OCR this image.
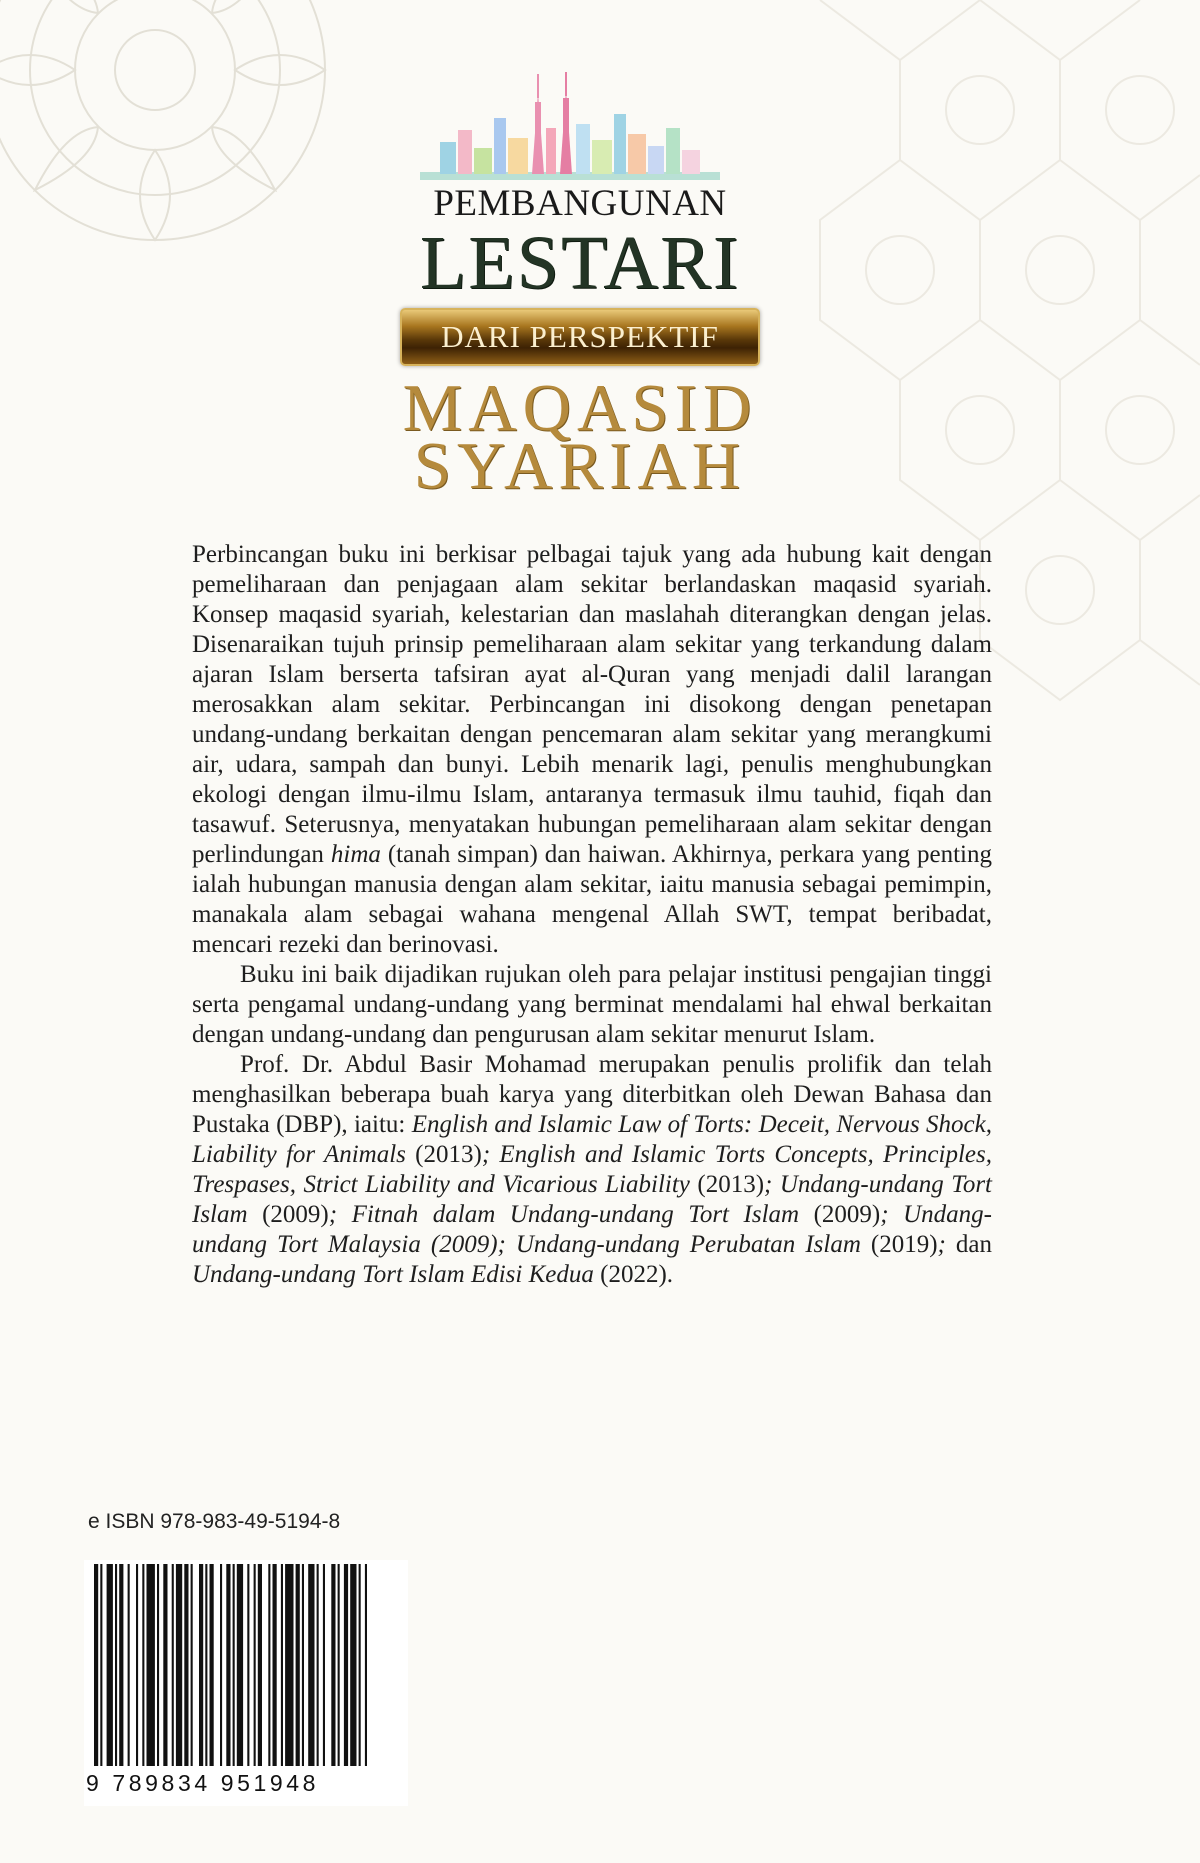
PEMBANGUNAN
LESTARI
DARI PERSPEKTIF
MAQASID
SYARIAH

Perbincangan buku ini berkisar pelbagai tajuk yang ada hubung kait dengan pemeliharaan dan penjagaan alam sekitar berlandaskan maqasid syariah. Konsep maqasid syariah, kelestarian dan maslahah diterangkan dengan jelas. Disenaraikan tujuh prinsip pemeliharaan alam sekitar yang terkandung dalam ajaran Islam berserta tafsiran ayat al-Quran yang menjadi dalil larangan merosakkan alam sekitar. Perbincangan ini disokong dengan penetapan undang-undang berkaitan dengan pencemaran alam sekitar yang merangkumi air, udara, sampah dan bunyi. Lebih menarik lagi, penulis menghubungkan ekologi dengan ilmu-ilmu Islam, antaranya termasuk ilmu tauhid, fiqah dan tasawuf. Seterusnya, menyatakan hubungan pemeliharaan alam sekitar dengan perlindungan hima (tanah simpan) dan haiwan. Akhirnya, perkara yang penting ialah hubungan manusia dengan alam sekitar, iaitu manusia sebagai pemimpin, manakala alam sebagai wahana mengenal Allah SWT, tempat beribadat, mencari rezeki dan berinovasi.

Buku ini baik dijadikan rujukan oleh para pelajar institusi pengajian tinggi serta pengamal undang-undang yang berminat mendalami hal ehwal berkaitan dengan undang-undang dan pengurusan alam sekitar menurut Islam.

Prof. Dr. Abdul Basir Mohamad merupakan penulis prolifik dan telah menghasilkan beberapa buah karya yang diterbitkan oleh Dewan Bahasa dan Pustaka (DBP), iaitu: English and Islamic Law of Torts: Deceit, Nervous Shock, Liability for Animals (2013); English and Islamic Torts Concepts, Principles, Trespases, Strict Liability and Vicarious Liability (2013); Undang-undang Tort Islam (2009); Fitnah dalam Undang-undang Tort Islam (2009); Undang-undang Tort Malaysia (2009); Undang-undang Perubatan Islam (2019); dan Undang-undang Tort Islam Edisi Kedua (2022).

e ISBN 978-983-49-5194-8
9 789834 951948
